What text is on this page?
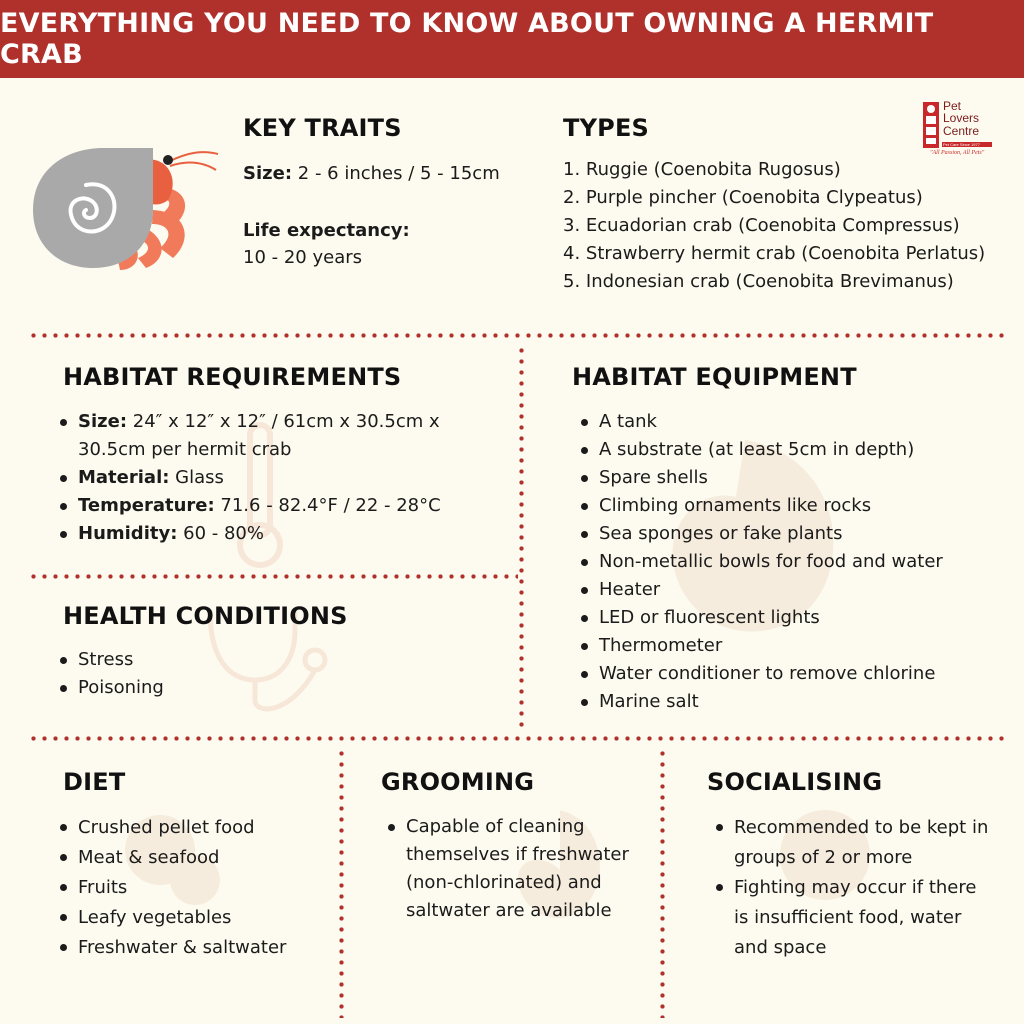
EVERYTHING YOU NEED TO KNOW ABOUT OWNING A HERMIT CRAB
Pet
Lovers
Centre
Pet Care Since 1977
"All Passion, All Pets"
KEY TRAITS
Size: 2 - 6 inches / 5 - 15cm
Life expectancy:
10 - 20 years
TYPES
1. Ruggie (Coenobita Rugosus)
2. Purple pincher (Coenobita Clypeatus)
3. Ecuadorian crab (Coenobita Compressus)
4. Strawberry hermit crab (Coenobita Perlatus)
5. Indonesian crab (Coenobita Brevimanus)
HABITAT REQUIREMENTS
Size: 24″ x 12″ x 12″ / 61cm x 30.5cm x 30.5cm per hermit crab
Material: Glass
Temperature: 71.6 - 82.4°F / 22 - 28°C
Humidity: 60 - 80%
HABITAT EQUIPMENT
A tank
A substrate (at least 5cm in depth)
Spare shells
Climbing ornaments like rocks
Sea sponges or fake plants
Non-metallic bowls for food and water
Heater
LED or fluorescent lights
Thermometer
Water conditioner to remove chlorine
Marine salt
HEALTH CONDITIONS
Stress
Poisoning
DIET
Crushed pellet food
Meat & seafood
Fruits
Leafy vegetables
Freshwater & saltwater
GROOMING
Capable of cleaning themselves if freshwater (non-chlorinated) and saltwater are available
SOCIALISING
Recommended to be kept in groups of 2 or more
Fighting may occur if there is insufficient food, water and space
